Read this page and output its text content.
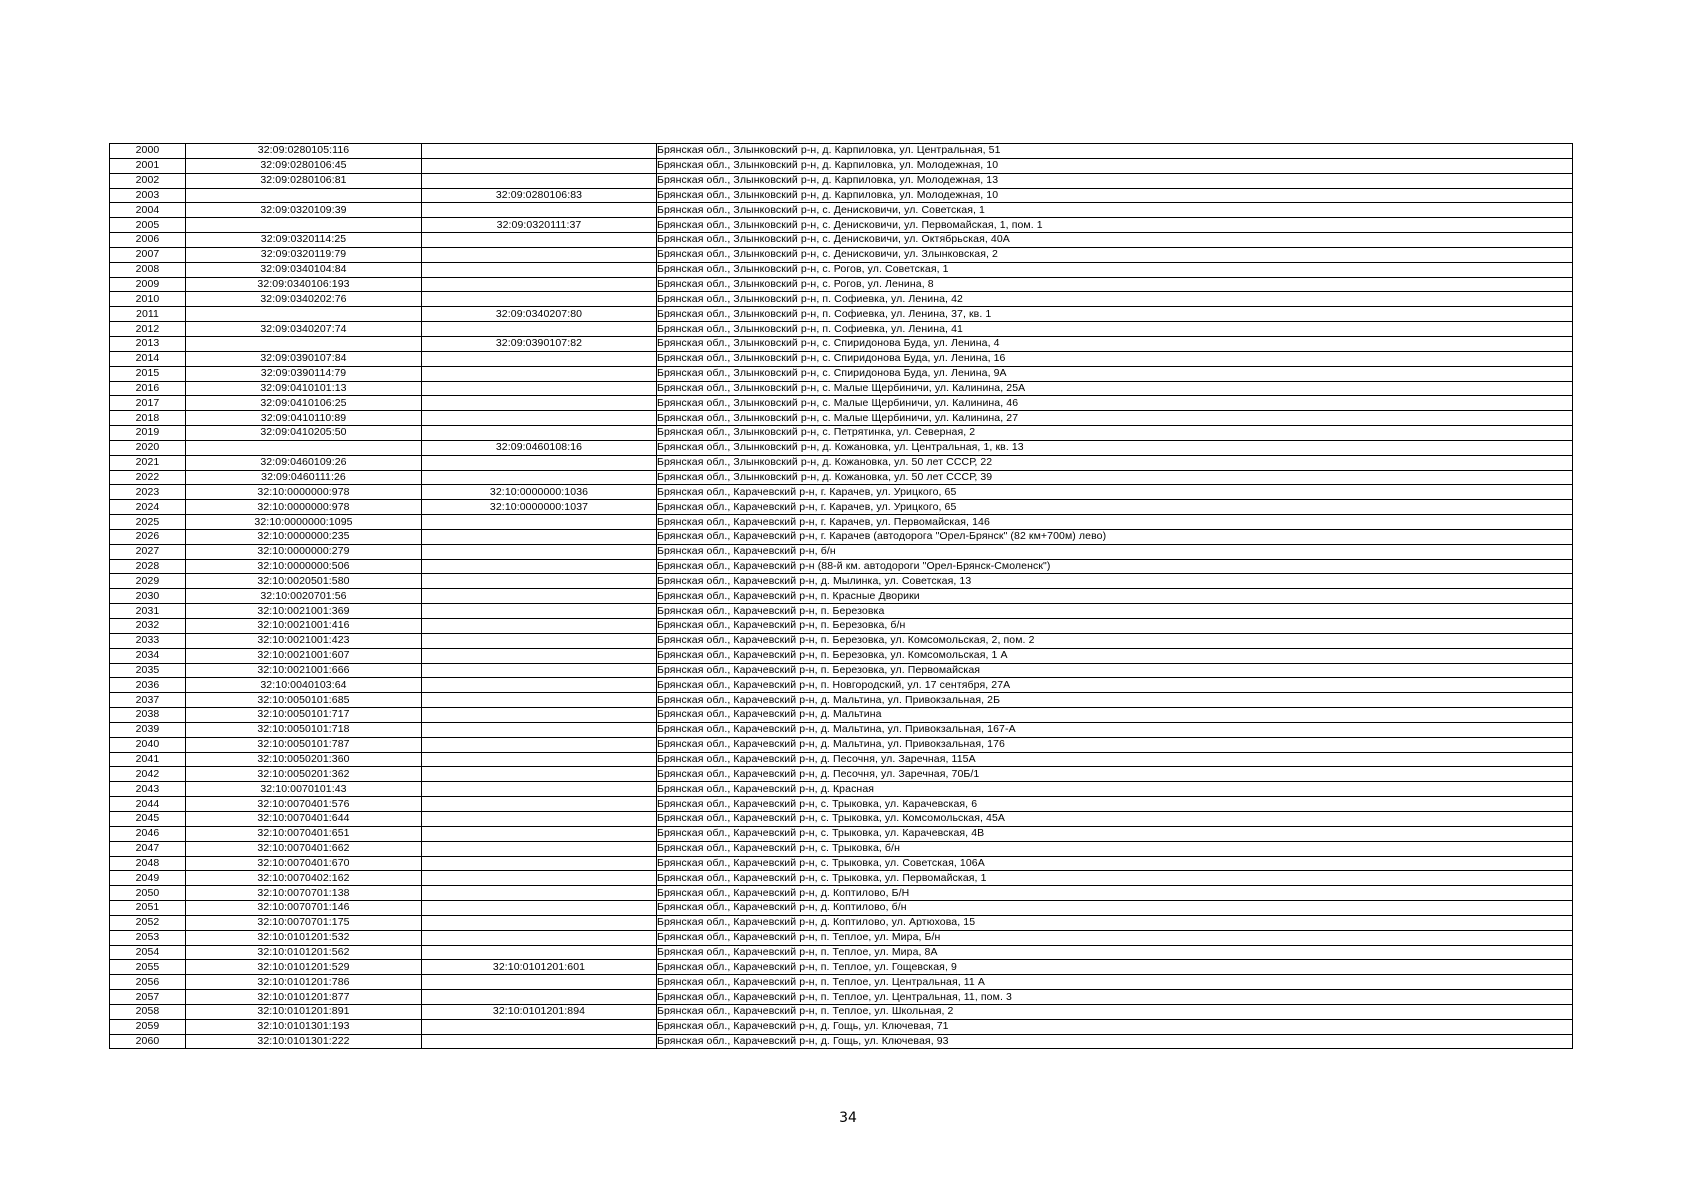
2000	32:09:0280105:116		Брянская обл., Злынковский р-н, д. Карпиловка, ул. Центральная, 51
2001	32:09:0280106:45		Брянская обл., Злынковский р-н, д. Карпиловка, ул. Молодежная, 10
2002	32:09:0280106:81		Брянская обл., Злынковский р-н, д. Карпиловка, ул. Молодежная, 13
2003		32:09:0280106:83	Брянская обл., Злынковский р-н, д. Карпиловка, ул. Молодежная, 10
2004	32:09:0320109:39		Брянская обл., Злынковский р-н, с. Денисковичи, ул. Советская, 1
2005		32:09:0320111:37	Брянская обл., Злынковский р-н, с. Денисковичи, ул. Первомайская, 1, пом. 1
2006	32:09:0320114:25		Брянская обл., Злынковский р-н, с. Денисковичи, ул. Октябрьская, 40А
2007	32:09:0320119:79		Брянская обл., Злынковский р-н, с. Денисковичи, ул. Злынковская, 2
2008	32:09:0340104:84		Брянская обл., Злынковский р-н, с. Рогов, ул. Советская, 1
2009	32:09:0340106:193		Брянская обл., Злынковский р-н, с. Рогов, ул. Ленина, 8
2010	32:09:0340202:76		Брянская обл., Злынковский р-н, п. Софиевка, ул. Ленина, 42
2011		32:09:0340207:80	Брянская обл., Злынковский р-н, п. Софиевка, ул. Ленина, 37, кв. 1
2012	32:09:0340207:74		Брянская обл., Злынковский р-н, п. Софиевка, ул. Ленина, 41
2013		32:09:0390107:82	Брянская обл., Злынковский р-н, с. Спиридонова Буда, ул. Ленина, 4
2014	32:09:0390107:84		Брянская обл., Злынковский р-н, с. Спиридонова Буда, ул. Ленина, 16
2015	32:09:0390114:79		Брянская обл., Злынковский р-н, с. Спиридонова Буда, ул. Ленина, 9А
2016	32:09:0410101:13		Брянская обл., Злынковский р-н, с. Малые Щербиничи, ул. Калинина, 25А
2017	32:09:0410106:25		Брянская обл., Злынковский р-н, с. Малые Щербиничи, ул. Калинина, 46
2018	32:09:0410110:89		Брянская обл., Злынковский р-н, с. Малые Щербиничи, ул. Калинина, 27
2019	32:09:0410205:50		Брянская обл., Злынковский р-н, с. Петрятинка, ул. Северная, 2
2020		32:09:0460108:16	Брянская обл., Злынковский р-н, д. Кожановка, ул. Центральная, 1, кв. 13
2021	32:09:0460109:26		Брянская обл., Злынковский р-н, д. Кожановка, ул. 50 лет СССР, 22
2022	32:09:0460111:26		Брянская обл., Злынковский р-н, д. Кожановка, ул. 50 лет СССР, 39
2023	32:10:0000000:978	32:10:0000000:1036	Брянская обл., Карачевский р-н, г. Карачев, ул. Урицкого, 65
2024	32:10:0000000:978	32:10:0000000:1037	Брянская обл., Карачевский р-н, г. Карачев, ул. Урицкого, 65
2025	32:10:0000000:1095		Брянская обл., Карачевский р-н, г. Карачев, ул. Первомайская, 146
2026	32:10:0000000:235		Брянская обл., Карачевский р-н, г. Карачев (автодорога "Орел-Брянск" (82 км+700м) лево)
2027	32:10:0000000:279		Брянская обл., Карачевский р-н, б/н
2028	32:10:0000000:506		Брянская обл., Карачевский р-н (88-й км. автодороги "Орел-Брянск-Смоленск")
2029	32:10:0020501:580		Брянская обл., Карачевский р-н, д. Мылинка, ул. Советская, 13
2030	32:10:0020701:56		Брянская обл., Карачевский р-н, п. Красные Дворики
2031	32:10:0021001:369		Брянская обл., Карачевский р-н, п. Березовка
2032	32:10:0021001:416		Брянская обл., Карачевский р-н, п. Березовка, б/н
2033	32:10:0021001:423		Брянская обл., Карачевский р-н, п. Березовка, ул. Комсомольская, 2, пом. 2
2034	32:10:0021001:607		Брянская обл., Карачевский р-н, п. Березовка, ул. Комсомольская, 1 А
2035	32:10:0021001:666		Брянская обл., Карачевский р-н, п. Березовка, ул. Первомайская
2036	32:10:0040103:64		Брянская обл., Карачевский р-н, п. Новгородский, ул. 17 сентября, 27А
2037	32:10:0050101:685		Брянская обл., Карачевский р-н, д. Мальтина, ул. Привокзальная, 2Б
2038	32:10:0050101:717		Брянская обл., Карачевский р-н, д. Мальтина
2039	32:10:0050101:718		Брянская обл., Карачевский р-н, д. Мальтина, ул. Привокзальная, 167-А
2040	32:10:0050101:787		Брянская обл., Карачевский р-н, д. Мальтина, ул. Привокзальная, 176
2041	32:10:0050201:360		Брянская обл., Карачевский р-н, д. Песочня, ул. Заречная, 115А
2042	32:10:0050201:362		Брянская обл., Карачевский р-н, д. Песочня, ул. Заречная, 70Б/1
2043	32:10:0070101:43		Брянская обл., Карачевский р-н, д. Красная
2044	32:10:0070401:576		Брянская обл., Карачевский р-н, с. Трыковка, ул. Карачевская, 6
2045	32:10:0070401:644		Брянская обл., Карачевский р-н, с. Трыковка, ул. Комсомольская, 45А
2046	32:10:0070401:651		Брянская обл., Карачевский р-н, с. Трыковка, ул. Карачевская, 4В
2047	32:10:0070401:662		Брянская обл., Карачевский р-н, с. Трыковка, б/н
2048	32:10:0070401:670		Брянская обл., Карачевский р-н, с. Трыковка, ул. Советская, 106А
2049	32:10:0070402:162		Брянская обл., Карачевский р-н, с. Трыковка, ул. Первомайская, 1
2050	32:10:0070701:138		Брянская обл., Карачевский р-н, д. Коптилово, Б/Н
2051	32:10:0070701:146		Брянская обл., Карачевский р-н, д. Коптилово, б/н
2052	32:10:0070701:175		Брянская обл., Карачевский р-н, д. Коптилово, ул. Артюхова, 15
2053	32:10:0101201:532		Брянская обл., Карачевский р-н, п. Теплое, ул. Мира, Б/н
2054	32:10:0101201:562		Брянская обл., Карачевский р-н, п. Теплое, ул. Мира, 8А
2055	32:10:0101201:529	32:10:0101201:601	Брянская обл., Карачевский р-н, п. Теплое, ул. Гощевская, 9
2056	32:10:0101201:786		Брянская обл., Карачевский р-н, п. Теплое, ул. Центральная, 11 А
2057	32:10:0101201:877		Брянская обл., Карачевский р-н, п. Теплое, ул. Центральная, 11, пом. 3
2058	32:10:0101201:891	32:10:0101201:894	Брянская обл., Карачевский р-н, п. Теплое, ул. Школьная, 2
2059	32:10:0101301:193		Брянская обл., Карачевский р-н, д. Гощь, ул. Ключевая, 71
2060	32:10:0101301:222		Брянская обл., Карачевский р-н, д. Гощь, ул. Ключевая, 93
34
